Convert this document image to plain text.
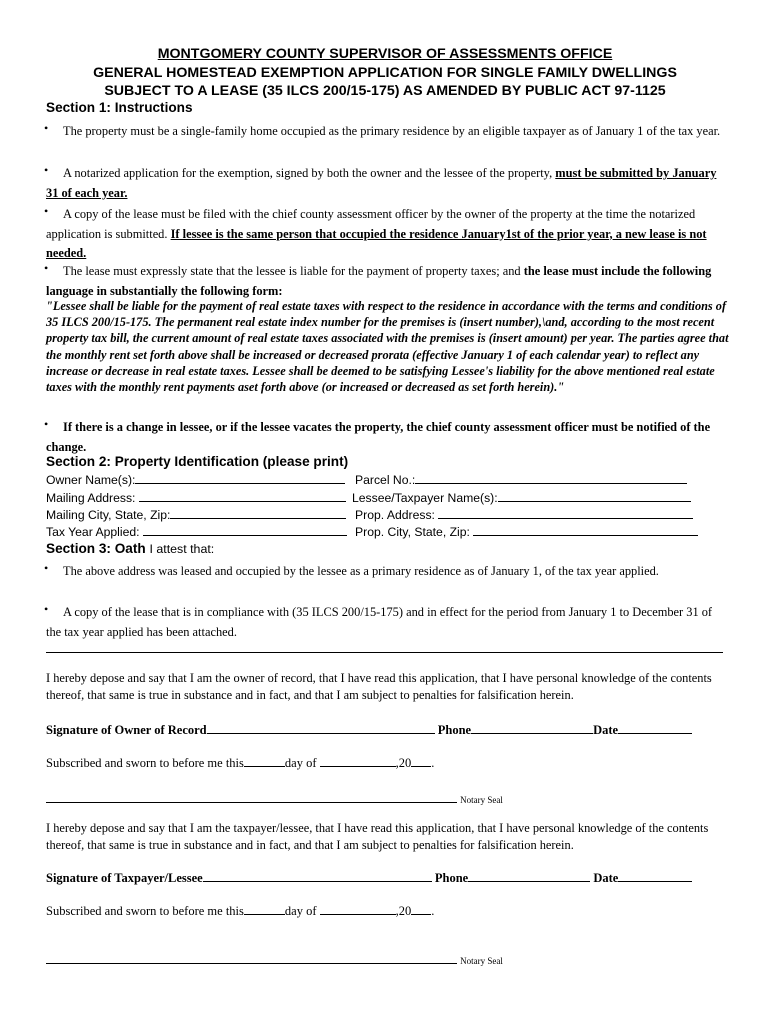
MONTGOMERY COUNTY SUPERVISOR OF ASSESSMENTS OFFICE
GENERAL HOMESTEAD EXEMPTION APPLICATION FOR SINGLE FAMILY DWELLINGS
SUBJECT TO A LEASE (35 ILCS 200/15-175) AS AMENDED BY PUBLIC ACT 97-1125
Section 1: Instructions
• The property must be a single-family home occupied as the primary residence by an eligible taxpayer as of January 1 of the tax year.
• A notarized application for the exemption, signed by both the owner and the lessee of the property, must be submitted by January 31 of each year.
• A copy of the lease must be filed with the chief county assessment officer by the owner of the property at the time the notarized application is submitted. If lessee is the same person that occupied the residence January1st of the prior year, a new lease is not needed.
• The lease must expressly state that the lessee is liable for the payment of property taxes; and the lease must include the following language in substantially the following form:
"Lessee shall be liable for the payment of real estate taxes with respect to the residence in accordance with the terms and conditions of 35 ILCS 200/15-175. The permanent real estate index number for the premises is (insert number),\and, according to the most recent property tax bill, the current amount of real estate taxes associated with the premises is (insert amount) per year. The parties agree that the monthly rent set forth above shall be increased or decreased prorata (effective January 1 of each calendar year) to reflect any increase or decrease in real estate taxes. Lessee shall be deemed to be satisfying Lessee's liability for the above mentioned real estate taxes with the monthly rent payments aset forth above (or increased or decreased as set forth herein)."
• If there is a change in lessee, or if the lessee vacates the property, the chief county assessment officer must be notified of the change.
Section 2: Property Identification (please print)
Owner Name(s):	Parcel No.:
Mailing Address:	Lessee/Taxpayer Name(s):
Mailing City, State, Zip:	Prop. Address:
Tax Year Applied:	Prop. City, State, Zip:
Section 3: Oath I attest that:
• The above address was leased and occupied by the lessee as a primary residence as of January 1, of the tax year applied.
• A copy of the lease that is in compliance with (35 ILCS 200/15-175) and in effect for the period from January 1 to December 31 of the tax year applied has been attached.
I hereby depose and say that I am the owner of record, that I have read this application, that I have personal knowledge of the contents thereof, that same is true in substance and in fact, and that I am subject to penalties for falsification herein.
Signature of Owner of Record	Phone	Date
Subscribed and sworn to before me this	day of	,20 .
Notary Seal
I hereby depose and say that I am the taxpayer/lessee, that I have read this application, that I have personal knowledge of the contents thereof, that same is true in substance and in fact, and that I am subject to penalties for falsification herein.
Signature of Taxpayer/Lessee	Phone	Date
Subscribed and sworn to before me this	day of	,20 .
Notary Seal
